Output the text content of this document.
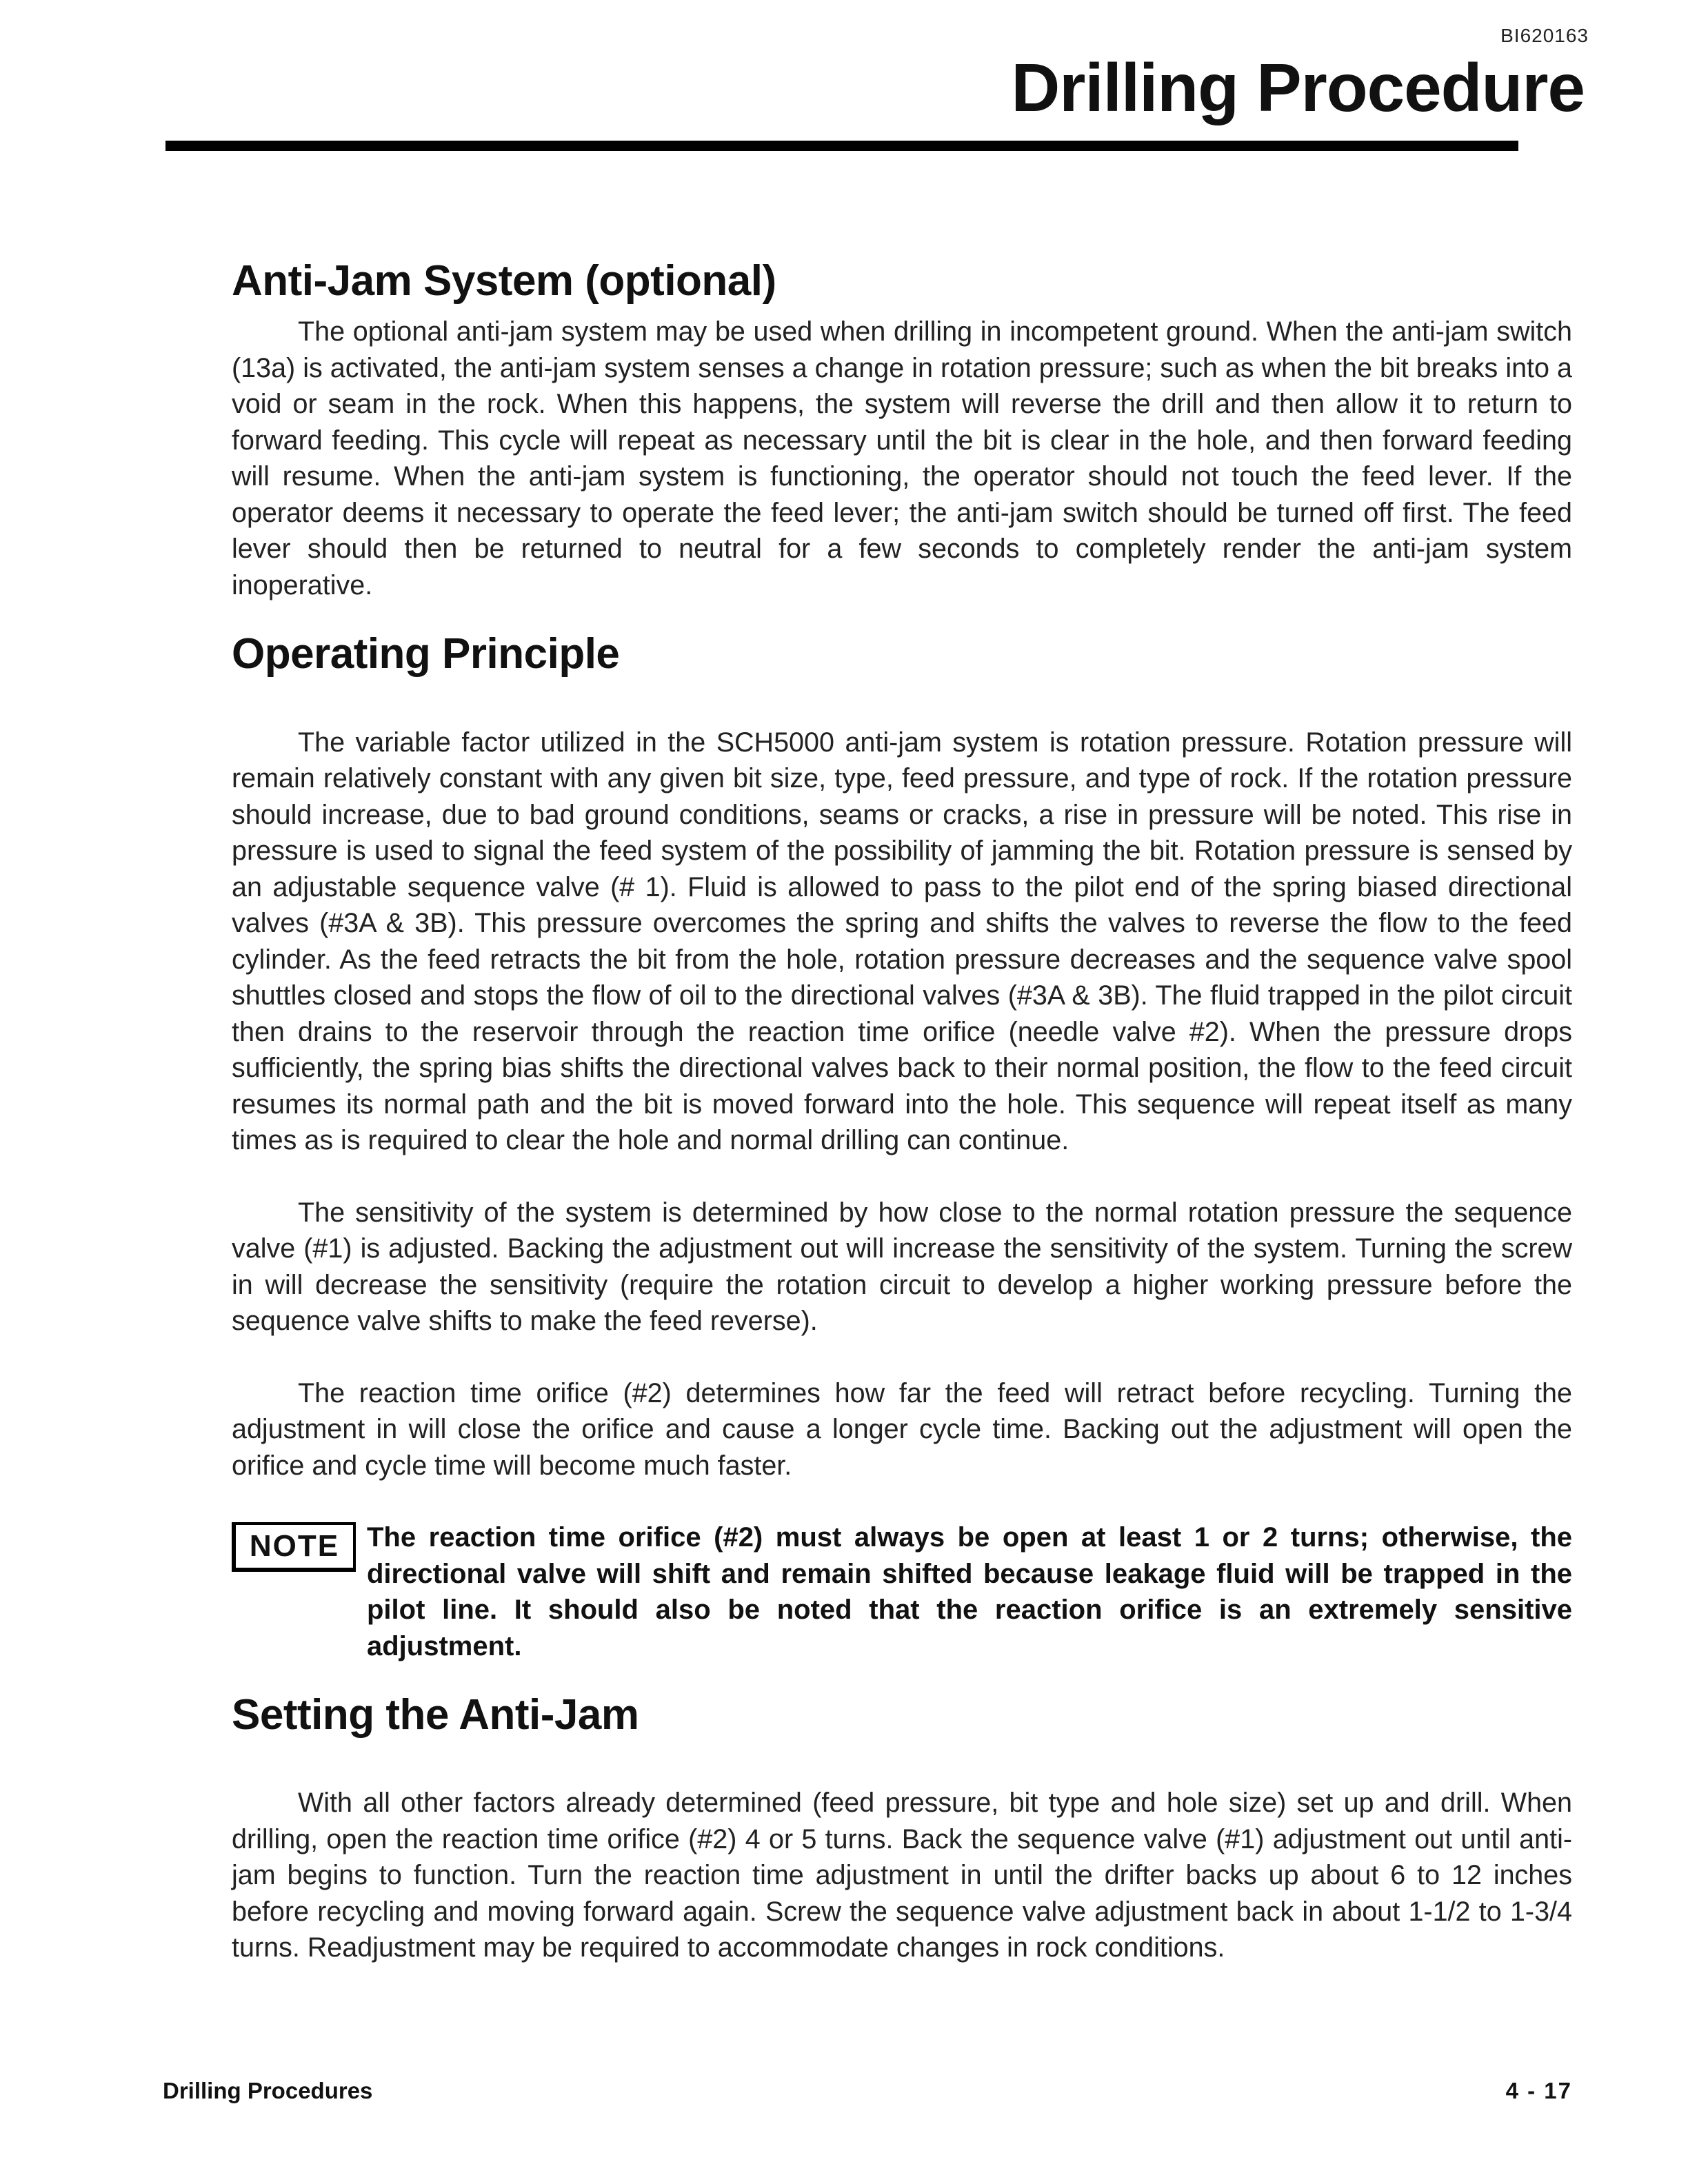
BI620163
Drilling Procedure
Anti-Jam System (optional)

The optional anti-jam system may be used when drilling in incompetent ground. When the anti-jam switch (13a) is activated, the anti-jam system senses a change in rotation pressure; such as when the bit breaks into a void or seam in the rock. When this happens, the system will reverse the drill and then allow it to return to forward feeding. This cycle will repeat as necessary until the bit is clear in the hole, and then forward feeding will resume. When the anti-jam system is functioning, the operator should not touch the feed lever. If the operator deems it necessary to operate the feed lever; the anti-jam switch should be turned off first. The feed lever should then be returned to neutral for a few seconds to completely render the anti-jam system inoperative.

Operating Principle

The variable factor utilized in the SCH5000 anti-jam system is rotation pressure. Rotation pressure will remain relatively constant with any given bit size, type, feed pressure, and type of rock. If the rotation pressure should increase, due to bad ground conditions, seams or cracks, a rise in pressure will be noted. This rise in pressure is used to signal the feed system of the possibility of jamming the bit. Rotation pressure is sensed by an adjustable sequence valve (# 1). Fluid is allowed to pass to the pilot end of the spring biased directional valves (#3A & 3B). This pressure overcomes the spring and shifts the valves to reverse the flow to the feed cylinder. As the feed retracts the bit from the hole, rotation pressure decreases and the sequence valve spool shuttles closed and stops the flow of oil to the directional valves (#3A & 3B). The fluid trapped in the pilot circuit then drains to the reservoir through the reaction time orifice (needle valve #2). When the pressure drops sufficiently, the spring bias shifts the directional valves back to their normal position, the flow to the feed circuit resumes its normal path and the bit is moved forward into the hole. This sequence will repeat itself as many times as is required to clear the hole and normal drilling can continue.

The sensitivity of the system is determined by how close to the normal rotation pressure the sequence valve (#1) is adjusted. Backing the adjustment out will increase the sensitivity of the system. Turning the screw in will decrease the sensitivity (require the rotation circuit to develop a higher working pressure before the sequence valve shifts to make the feed reverse).

The reaction time orifice (#2) determines how far the feed will retract before recycling. Turning the adjustment in will close the orifice and cause a longer cycle time. Backing out the adjustment will open the orifice and cycle time will become much faster.

NOTE The reaction time orifice (#2) must always be open at least 1 or 2 turns; otherwise, the directional valve will shift and remain shifted because leakage fluid will be trapped in the pilot line. It should also be noted that the reaction orifice is an extremely sensitive adjustment.

Setting the Anti-Jam

With all other factors already determined (feed pressure, bit type and hole size) set up and drill. When drilling, open the reaction time orifice (#2) 4 or 5 turns. Back the sequence valve (#1) adjustment out until anti-jam begins to function. Turn the reaction time adjustment in until the drifter backs up about 6 to 12 inches before recycling and moving forward again. Screw the sequence valve adjustment back in about 1-1/2 to 1-3/4 turns. Readjustment may be required to accommodate changes in rock conditions.

Drilling Procedures	4 - 17
